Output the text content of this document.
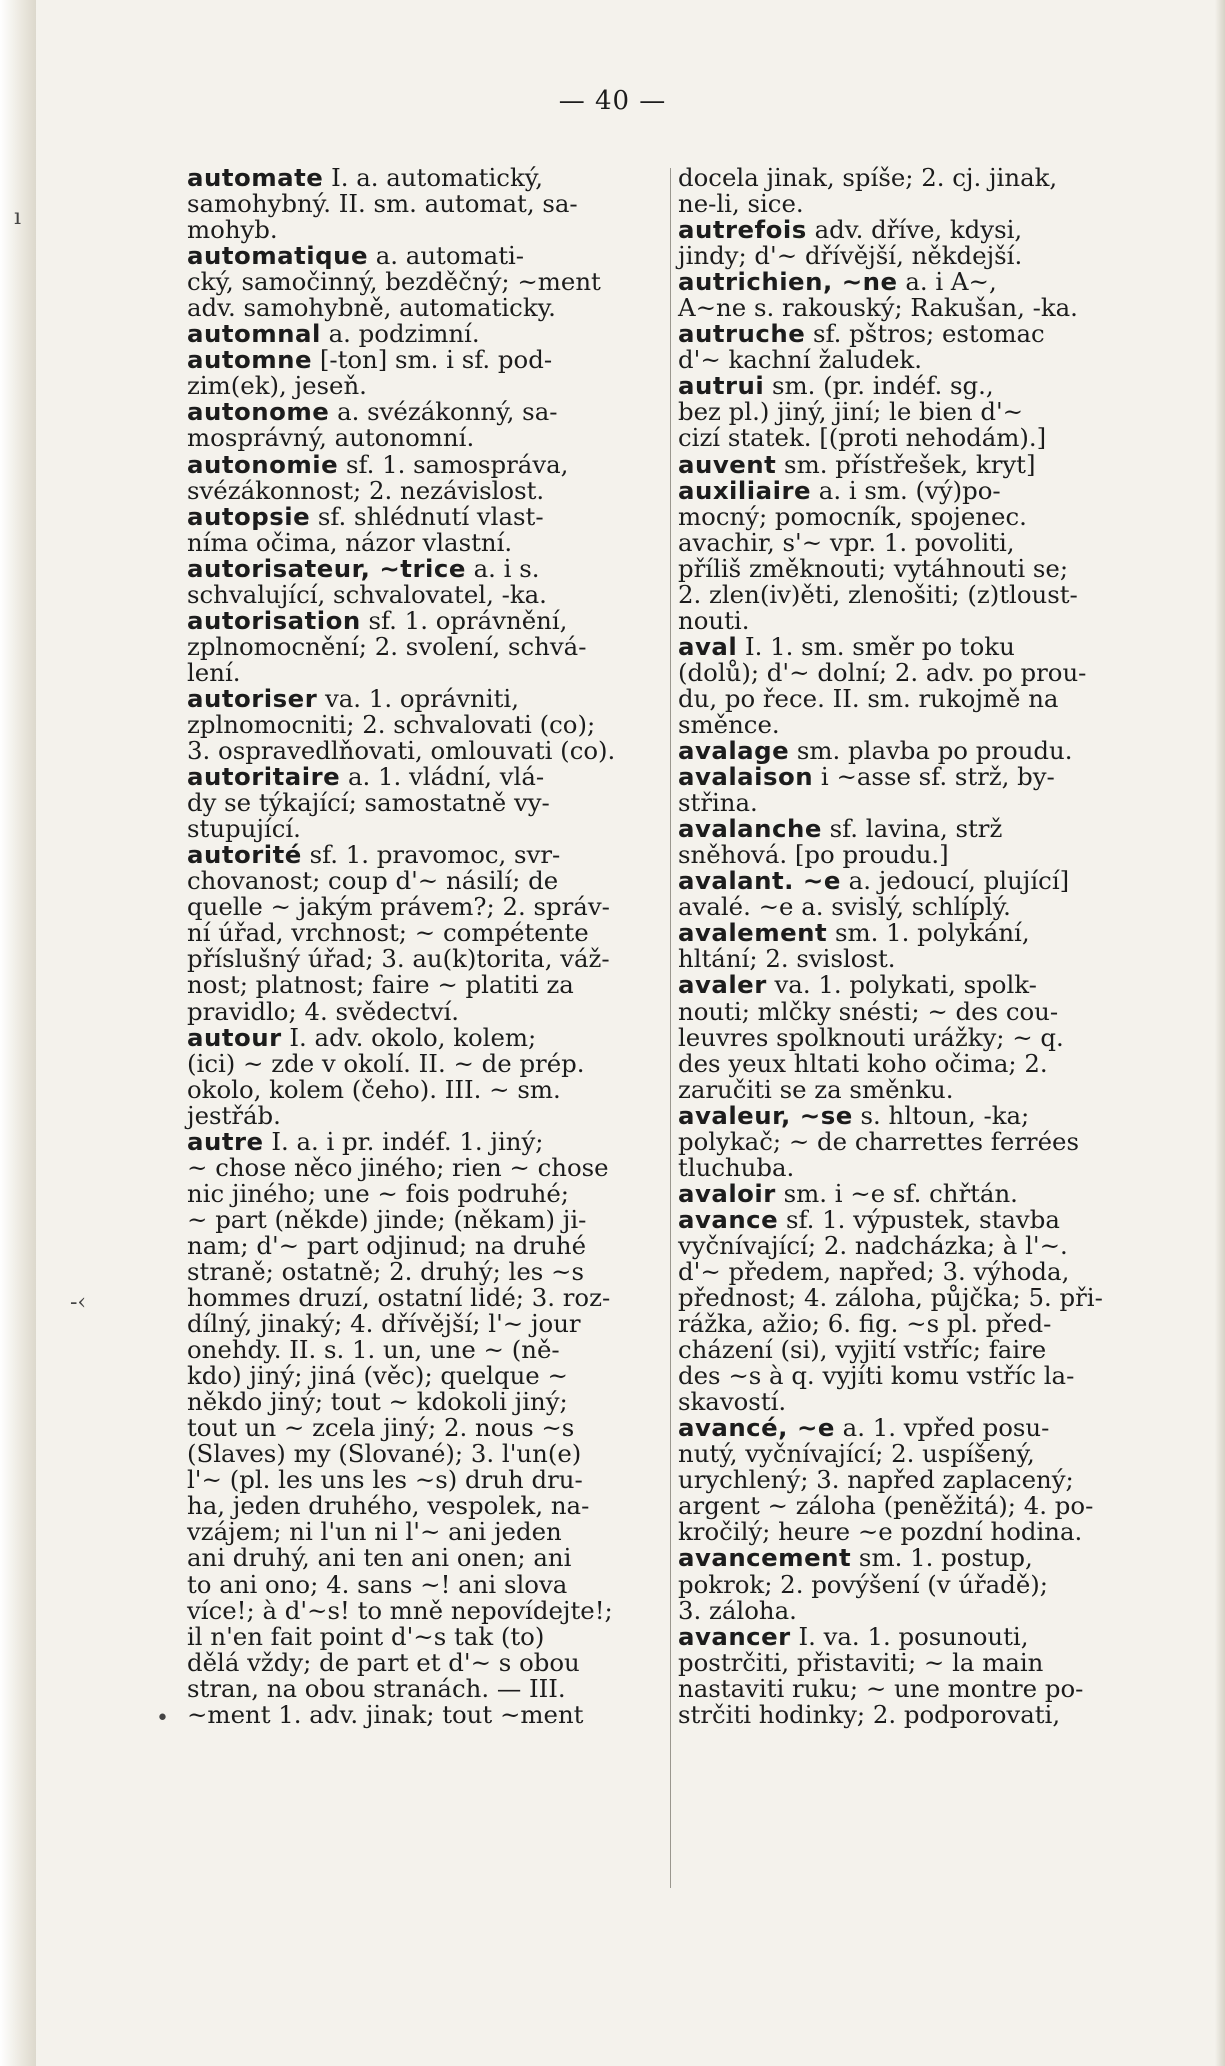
— 40 —
ı
-‹
•

automate I. a. automatický,

samohybný. II. sm. automat, sa-

mohyb.

automatique a. automati-

cký, samočinný, bezděčný; ~ment

adv. samohybně, automaticky.

automnal a. podzimní.

automne [-ton] sm. i sf. pod-

zim(ek), jeseň.

autonome a. svézákonný, sa-

mosprávný, autonomní.

autonomie sf. 1. samospráva,

svézákonnost; 2. nezávislost.

autopsie sf. shlédnutí vlast-

níma očima, názor vlastní.

autorisateur, ~trice a. i s.

schvalující, schvalovatel, -ka.

autorisation sf. 1. oprávnění,

zplnomocnění; 2. svolení, schvá-

lení.

autoriser va. 1. oprávniti,

zplnomocniti; 2. schvalovati (co);

3. ospravedlňovati, omlouvati (co).

autoritaire a. 1. vládní, vlá-

dy se týkající; samostatně vy-

stupující.

autorité sf. 1. pravomoc, svr-

chovanost; coup d'~ násilí; de

quelle ~ jakým právem?; 2. správ-

ní úřad, vrchnost; ~ compétente

příslušný úřad; 3. au(k)torita, váž-

nost; platnost; faire ~ platiti za

pravidlo; 4. svědectví.

autour I. adv. okolo, kolem;

(ici) ~ zde v okolí. II. ~ de prép.

okolo, kolem (čeho). III. ~ sm.

jestřáb.

autre I. a. i pr. indéf. 1. jiný;

~ chose něco jiného; rien ~ chose

nic jiného; une ~ fois podruhé;

~ part (někde) jinde; (někam) ji-

nam; d'~ part odjinud; na druhé

straně; ostatně; 2. druhý; les ~s

hommes druzí, ostatní lidé; 3. roz-

dílný, jinaký; 4. dřívější; l'~ jour

onehdy. II. s. 1. un, une ~ (ně-

kdo) jiný; jiná (věc); quelque ~

někdo jiný; tout ~ kdokoli jiný;

tout un ~ zcela jiný; 2. nous ~s

(Slaves) my (Slované); 3. l'un(e)

l'~ (pl. les uns les ~s) druh dru-

ha, jeden druhého, vespolek, na-

vzájem; ni l'un ni l'~ ani jeden

ani druhý, ani ten ani onen; ani

to ani ono; 4. sans ~! ani slova

více!; à d'~s! to mně nepovídejte!;

il n'en fait point d'~s tak (to)

dělá vždy; de part et d'~ s obou

stran, na obou stranách. — III.

~ment 1. adv. jinak; tout ~ment

docela jinak, spíše; 2. cj. jinak,

ne-li, sice.

autrefois adv. dříve, kdysi,

jindy; d'~ dřívější, někdejší.

autrichien, ~ne a. i A~,

A~ne s. rakouský; Rakušan, -ka.

autruche sf. pštros; estomac

d'~ kachní žaludek.

autrui sm. (pr. indéf. sg.,

bez pl.) jiný, jiní; le bien d'~

cizí statek. [(proti nehodám).]

auvent sm. přístřešek, kryt]

auxiliaire a. i sm. (vý)po-

mocný; pomocník, spojenec.

avachir, s'~ vpr. 1. povoliti,

příliš změknouti; vytáhnouti se;

2. zlen(iv)ěti, zlenošiti; (z)tloust-

nouti.

aval I. 1. sm. směr po toku

(dolů); d'~ dolní; 2. adv. po prou-

du, po řece. II. sm. rukojmě na

směnce.

avalage sm. plavba po proudu.

avalaison i ~asse sf. strž, by-

střina.

avalanche sf. lavina, strž

sněhová. [po proudu.]

avalant. ~e a. jedoucí, plující]

avalé. ~e a. svislý, schlíplý.

avalement sm. 1. polykání,

hltání; 2. svislost.

avaler va. 1. polykati, spolk-

nouti; mlčky snésti; ~ des cou-

leuvres spolknouti urážky; ~ q.

des yeux hltati koho očima; 2.

zaručiti se za směnku.

avaleur, ~se s. hltoun, -ka;

polykač; ~ de charrettes ferrées

tluchuba.

avaloir sm. i ~e sf. chřtán.

avance sf. 1. výpustek, stavba

vyčnívající; 2. nadcházka; à l'~.

d'~ předem, napřed; 3. výhoda,

přednost; 4. záloha, půjčka; 5. při-

rážka, ažio; 6. fig. ~s pl. před-

cházení (si), vyjití vstříc; faire

des ~s à q. vyjíti komu vstříc la-

skavostí.

avancé, ~e a. 1. vpřed posu-

nutý, vyčnívající; 2. uspíšený,

urychlený; 3. napřed zaplacený;

argent ~ záloha (peněžitá); 4. po-

kročilý; heure ~e pozdní hodina.

avancement sm. 1. postup,

pokrok; 2. povýšení (v úřadě);

3. záloha.

avancer I. va. 1. posunouti,

postrčiti, přistaviti; ~ la main

nastaviti ruku; ~ une montre po-

strčiti hodinky; 2. podporovati,
